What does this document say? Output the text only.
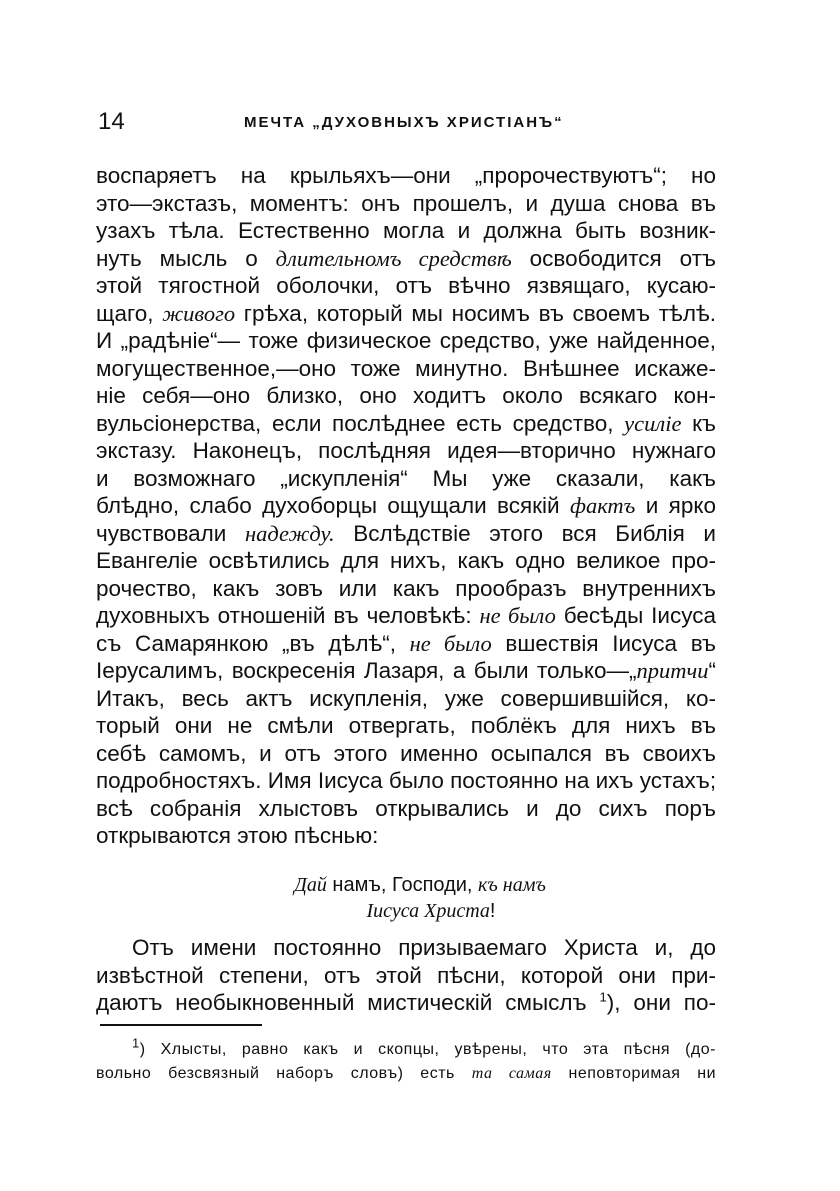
14	МЕЧТА „ДУХОВНЫХЪ ХРИСТІАНЪ“
воспаряетъ на крыльяхъ—они „пророчествуютъ“; но
это—экстазъ, моментъ: онъ прошелъ, и душа снова въ
узахъ тѣла. Естественно могла и должна быть возник-
нуть мысль о длительномъ средствѣ освободится отъ
этой тягостной оболочки, отъ вѣчно язвящаго, кусаю-
щаго, живого грѣха, который мы носимъ въ своемъ тѣлѣ.
И „радѣніе“— тоже физическое средство, уже найденное,
могущественное,—оно тоже минутно. Внѣшнее искаже-
ніе себя—оно близко, оно ходитъ около всякаго кон-
вульсіонерства, если послѣднее есть средство, усиліе къ
экстазу. Наконецъ, послѣдняя идея—вторично нужнаго
и возможнаго „искупленія“ Мы уже сказали, какъ
блѣдно, слабо духоборцы ощущали всякій фактъ и ярко
чувствовали надежду. Вслѣдствіе этого вся Библія и
Евангеліе освѣтились для нихъ, какъ одно великое про-
рочество, какъ зовъ или какъ прообразъ внутреннихъ
духовныхъ отношеній въ человѣкѣ: не было бесѣды Іисуса
съ Самарянкою „въ дѣлѣ“, не было вшествія Іисуса въ
Іерусалимъ, воскресенія Лазаря, а были только—„притчи“
Итакъ, весь актъ искупленія, уже совершившійся, ко-
торый они не смѣли отвергать, поблёкъ для нихъ въ
себѣ самомъ, и отъ этого именно осыпался въ своихъ
подробностяхъ. Имя Іисуса было постоянно на ихъ устахъ;
всѣ собранія хлыстовъ открывались и до сихъ поръ
открываются этою пѣснью:
Дай намъ, Господи, къ намъ
Іисуса Христа!
Отъ имени постоянно призываемаго Христа и, до
извѣстной степени, отъ этой пѣсни, которой они при-
даютъ необыкновенный мистическій смыслъ $^1$), они по-
$^1$) Хлысты, равно какъ и скопцы, увѣрены, что эта пѣсня (до-
вольно безсвязный наборъ словъ) есть та самая неповторимая ни
